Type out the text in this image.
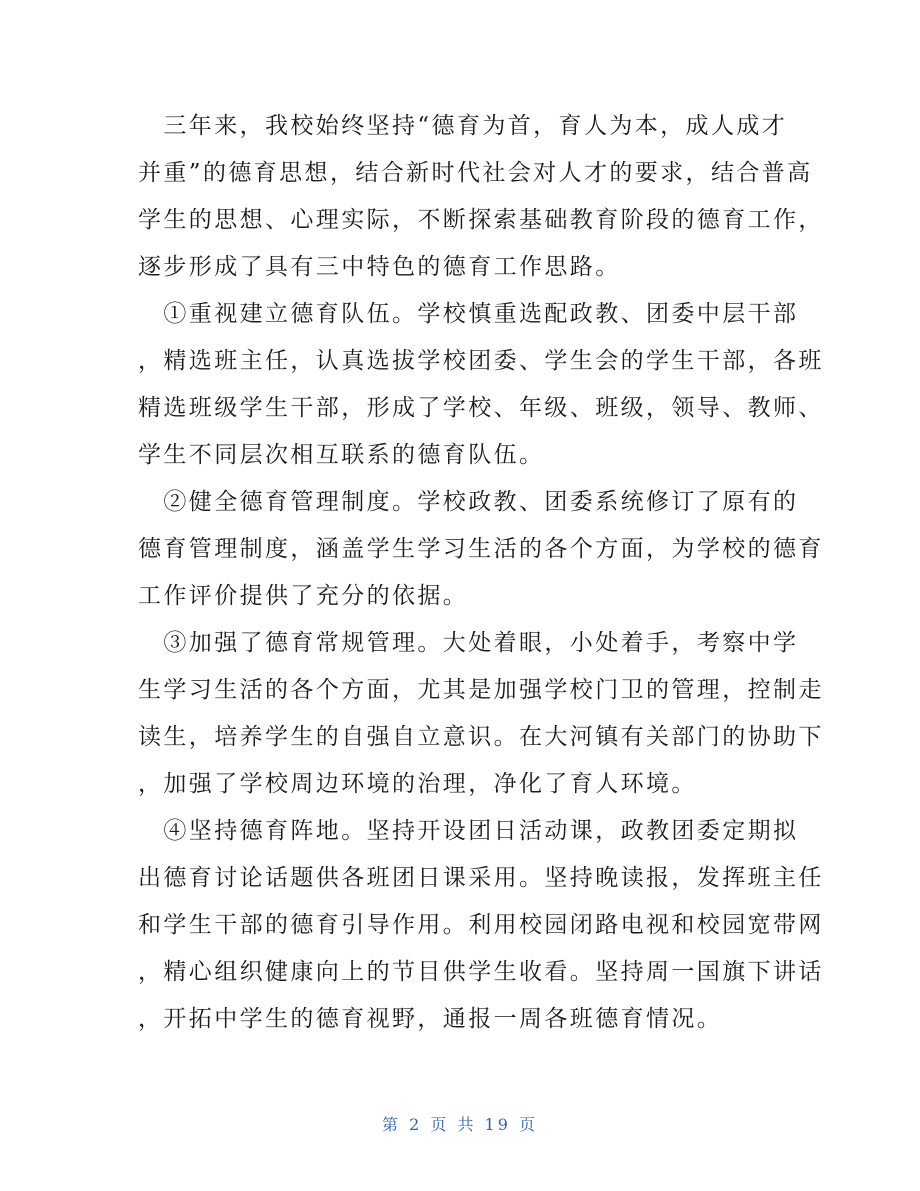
　三年来，我校始终坚持“德育为首，育人为本，成人成才
并重”的德育思想，结合新时代社会对人才的要求，结合普高
学生的思想、心理实际，不断探索基础教育阶段的德育工作，
逐步形成了具有三中特色的德育工作思路。

　①重视建立德育队伍。学校慎重选配政教、团委中层干部
，精选班主任，认真选拔学校团委、学生会的学生干部，各班
精选班级学生干部，形成了学校、年级、班级，领导、教师、
学生不同层次相互联系的德育队伍。

　②健全德育管理制度。学校政教、团委系统修订了原有的
德育管理制度，涵盖学生学习生活的各个方面，为学校的德育
工作评价提供了充分的依据。

　③加强了德育常规管理。大处着眼，小处着手，考察中学
生学习生活的各个方面，尤其是加强学校门卫的管理，控制走
读生，培养学生的自强自立意识。在大河镇有关部门的协助下
，加强了学校周边环境的治理，净化了育人环境。

　④坚持德育阵地。坚持开设团日活动课，政教团委定期拟
出德育讨论话题供各班团日课采用。坚持晚读报，发挥班主任
和学生干部的德育引导作用。利用校园闭路电视和校园宽带网
，精心组织健康向上的节目供学生收看。坚持周一国旗下讲话
，开拓中学生的德育视野，通报一周各班德育情况。

第 2 页 共 19 页
